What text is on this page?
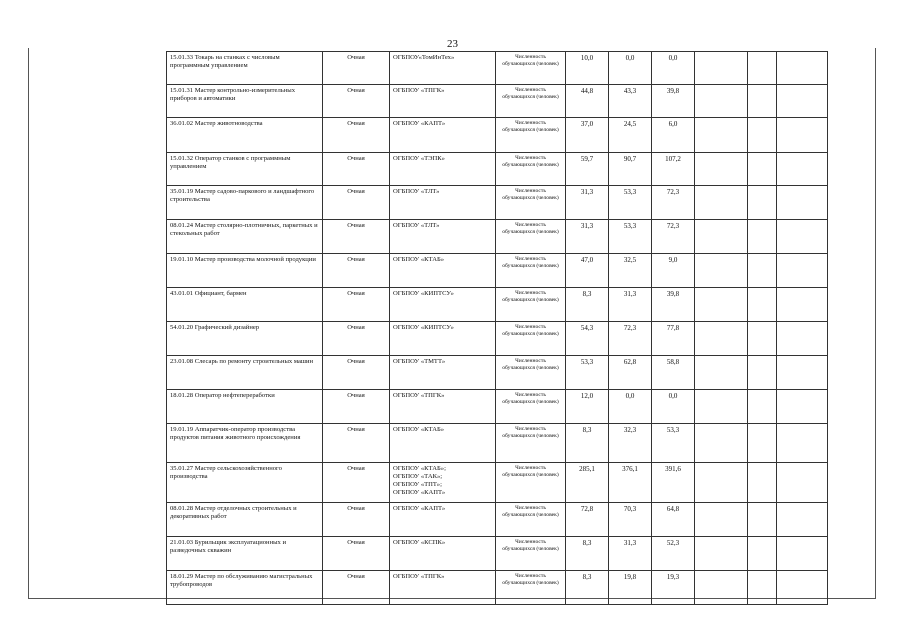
23
15.01.33 Токарь на станках с числовым программным управлением	Очная	ОГБПОУ«ТомИнТех»	Численность обучающихся (человек)	10,0	0,0	0,0			
15.01.31 Мастер контрольно-измерительных приборов и автоматики	Очная	ОГБПОУ «ТПГК»	Численность обучающихся (человек)	44,8	43,3	39,8			
36.01.02 Мастер животноводства	Очная	ОГБПОУ «КАПТ»	Численность обучающихся (человек)	37,0	24,5	6,0			
15.01.32 Оператор станков с программным управлением	Очная	ОГБПОУ «ТЭПК»	Численность обучающихся (человек)	59,7	90,7	107,2			
35.01.19 Мастер садово-паркового и ландшафтного строительства	Очная	ОГБПОУ «ТЛТ»	Численность обучающихся (человек)	31,3	53,3	72,3			
08.01.24 Мастер столярно-плотничных, паркетных и стекольных работ	Очная	ОГБПОУ «ТЛТ»	Численность обучающихся (человек)	31,3	53,3	72,3			
19.01.10 Мастер производства молочной продукции	Очная	ОГБПОУ «КТАБ»	Численность обучающихся (человек)	47,0	32,5	9,0			
43.01.01 Официант, бармен	Очная	ОГБПОУ «КИПТСУ»	Численность обучающихся (человек)	8,3	31,3	39,8			
54.01.20 Графический дизайнер	Очная	ОГБПОУ «КИПТСУ»	Численность обучающихся (человек)	54,3	72,3	77,8			
23.01.08 Слесарь по ремонту строительных машин	Очная	ОГБПОУ «ТМТТ»	Численность обучающихся (человек)	53,3	62,8	58,8			
18.01.28 Оператор нефтепереработки	Очная	ОГБПОУ «ТПГК»	Численность обучающихся (человек)	12,0	0,0	0,0			
19.01.19 Аппаратчик-оператор производства продуктов питания животного происхождения	Очная	ОГБПОУ «КТАБ»	Численность обучающихся (человек)	8,3	32,3	53,3			
35.01.27 Мастер сельскохозяйственного производства	Очная	ОГБПОУ «КТАБ»;
ОГБПОУ «ТАК»;
ОГБПОУ «ТПТ»;
ОГБПОУ «КАПТ»	Численность обучающихся (человек)	285,1	376,1	391,6			
08.01.28 Мастер отделочных строительных и декоративных работ	Очная	ОГБПОУ «КАПТ»	Численность обучающихся (человек)	72,8	70,3	64,8			
21.01.03 Бурильщик эксплуатационных и разведочных скважин	Очная	ОГБПОУ «КСПК»	Численность обучающихся (человек)	8,3	31,3	52,3			
18.01.29 Мастер по обслуживанию магистральных трубопроводов	Очная	ОГБПОУ «ТПГК»	Численность обучающихся (человек)	8,3	19,8	19,3			
